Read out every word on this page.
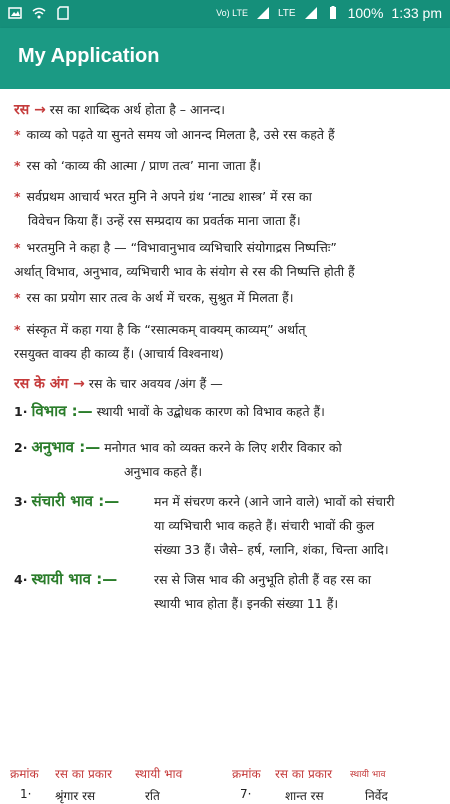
Vo) LTE	LTE	100% 1:33 pm
My Application
रस → रस का शाब्दिक अर्थ होता है – आनन्द।
* काव्य को पढ़ते या सुनते समय जो आनन्द मिलता है, उसे रस कहते हैं
* रस को ‘काव्य की आत्मा / प्राण तत्व’ माना जाता हैं।
* सर्वप्रथम आचार्य भरत मुनि ने अपने ग्रंथ ‘नाट्य शास्त्र’ में रस का
विवेचन किया हैं। उन्हें रस सम्प्रदाय का प्रवर्तक माना जाता हैं।
* भरतमुनि ने कहा है — “विभावानुभाव व्यभिचारि संयोगाद्रस निष्पत्तिः”
अर्थात् विभाव, अनुभाव, व्यभिचारी भाव के संयोग से रस की निष्पत्ति होती हैं
* रस का प्रयोग सार तत्व के अर्थ में चरक, सुश्रुत में मिलता हैं।
* संस्कृत में कहा गया है कि “रसात्मकम् वाक्यम् काव्यम्” अर्थात्
रसयुक्त वाक्य ही काव्य हैं। (आचार्य विश्वनाथ)
रस के अंग → रस के चार अवयव /अंग हैं —
1· विभाव :— स्थायी भावों के उद्बोधक कारण को विभाव कहते हैं।
2· अनुभाव :— मनोगत भाव को व्यक्त करने के लिए शरीर विकार को
अनुभाव कहते हैं।
3· संचारी भाव :—	मन में संचरण करने (आने जाने वाले) भावों को संचारी
या व्यभिचारी भाव कहते हैं। संचारी भावों की कुल
संख्या 33 हैं। जैसे– हर्ष, ग्लानि, शंका, चिन्ता आदि।
4· स्थायी भाव :—	रस से जिस भाव की अनुभूति होती हैं वह रस का
स्थायी भाव होता हैं। इनकी संख्या 11 हैं।
क्रमांक रस का प्रकार स्थायी भाव	क्रमांक रस का प्रकार स्थायी भाव
1· श्रृंगार रस	रति	7·	शान्त रस	निर्वेद
